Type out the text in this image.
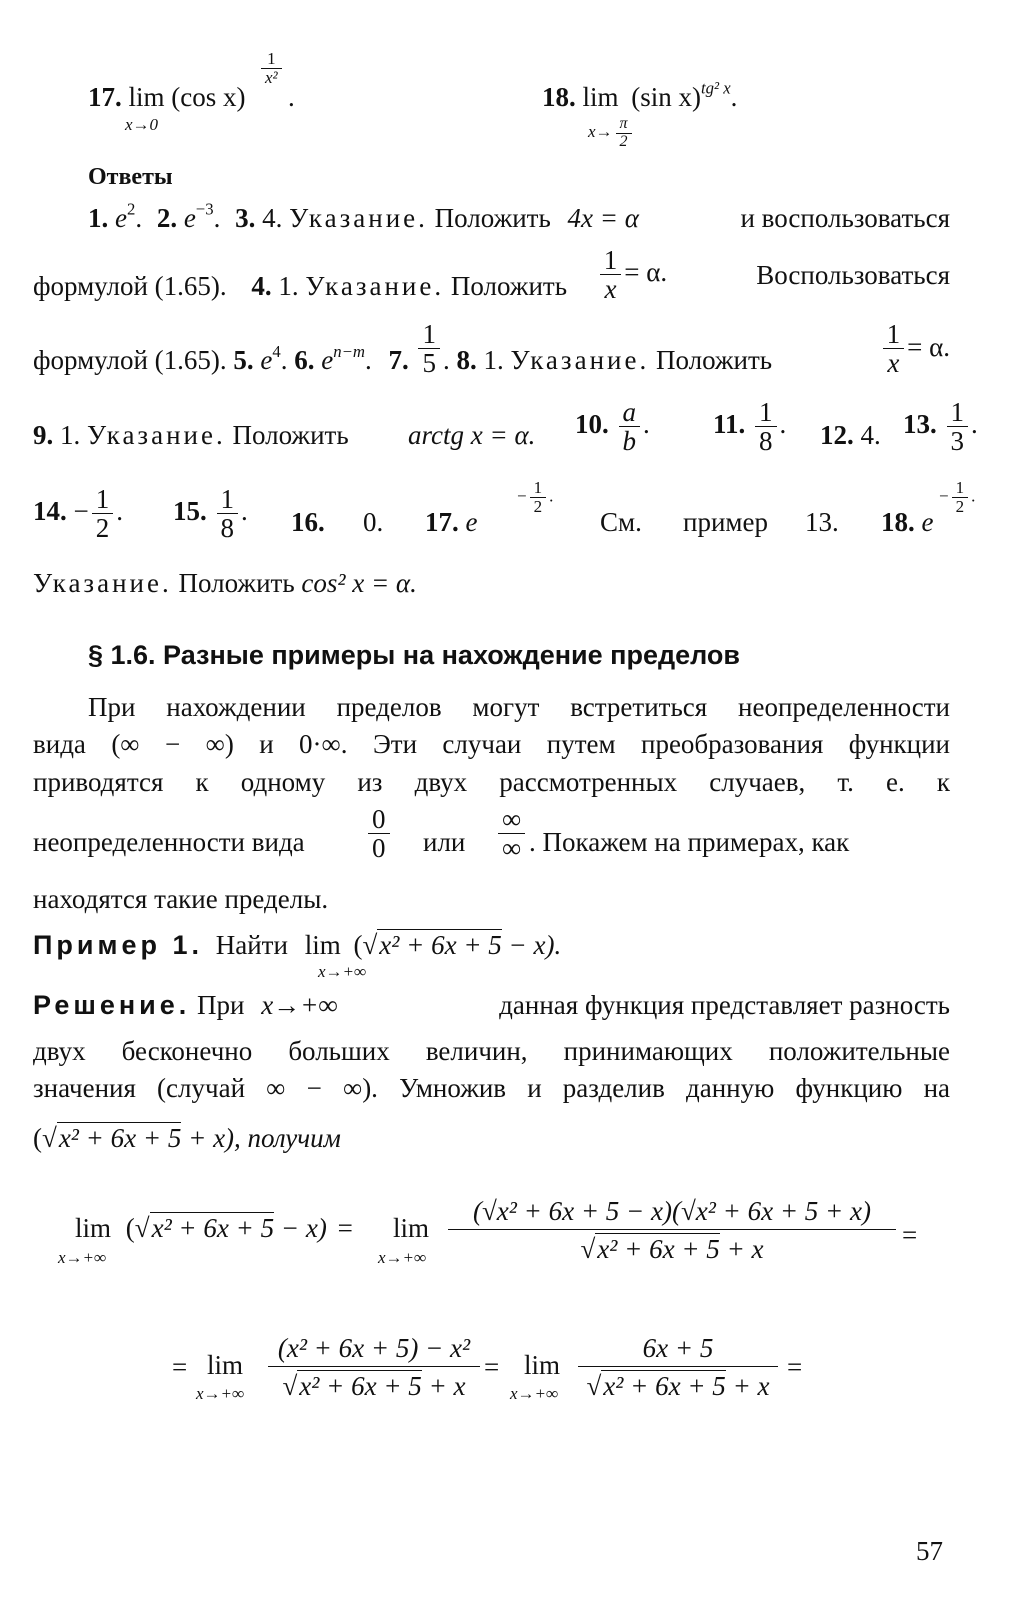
17. lim (cos x)
x→0
$\frac{1}{\text{x²}}$
.	18. lim (sin x)$^{tg^2 x}$.
$x\to \frac{\pi}{2}$
Ответы
1. $e^2$. 2. $e^{-3}$. 3. 4. Указание. Положить 4x = α	и воспользоваться
формулой (1.65). 4. 1. Указание. Положить $\frac{1}{x} = \alpha$.	Воспользоваться
формулой (1.65). 5. $e^4$. 6. $e^{n-m}$. 7. $\frac{1}{5}$ . 8. 1. Указание. Положить	$\frac{1}{x} = \alpha$.
9. 1. Указание. Положить arctg x = α. 10. $\frac{a}{b}$ . 11. $\frac{1}{8}$ . 12. 4. 13. $\frac{1}{3}$ .
14. − $\frac{1}{2}$ . 15. $\frac{1}{8}$ . 16. 0. 17. e
− $\frac{1}{2}$ .
См. пример 13. 18. e
− $\frac{1}{2}$ .
Указание. Положить cos² x = α.
§ 1.6. Разные примеры на нахождение пределов
При нахождении пределов могут встретиться неопределенности
вида (∞ − ∞) и 0·∞. Эти случаи путем преобразования функции
приводятся к одному из двух рассмотренных случаев, т. е. к
неопределенности вида $\frac{0}{0}$ или
∞
∞ . Покажем на примерах, как
находятся такие пределы.
Пример 1. Найти lim (√x² + 6x + 5 − x).
x→+∞
Решение. При x→+∞	данная функция представляет разность
двух бесконечно больших величин, принимающих положительные
значения (случай ∞ − ∞). Умножив и разделив данную функцию на
(√x² + 6x + 5 + x), получим
lim (√x² + 6x + 5 − x) =
x→+∞
lim
x→+∞
(√x² + 6x + 5 − x)(√x² + 6x + 5 + x)
√x² + 6x + 5 + x	=
= lim
x→+∞
(x² + 6x + 5) − x²
√x² + 6x + 5 + x
= lim
x→+∞
6x + 5
√x² + 6x + 5 + x
=
57
